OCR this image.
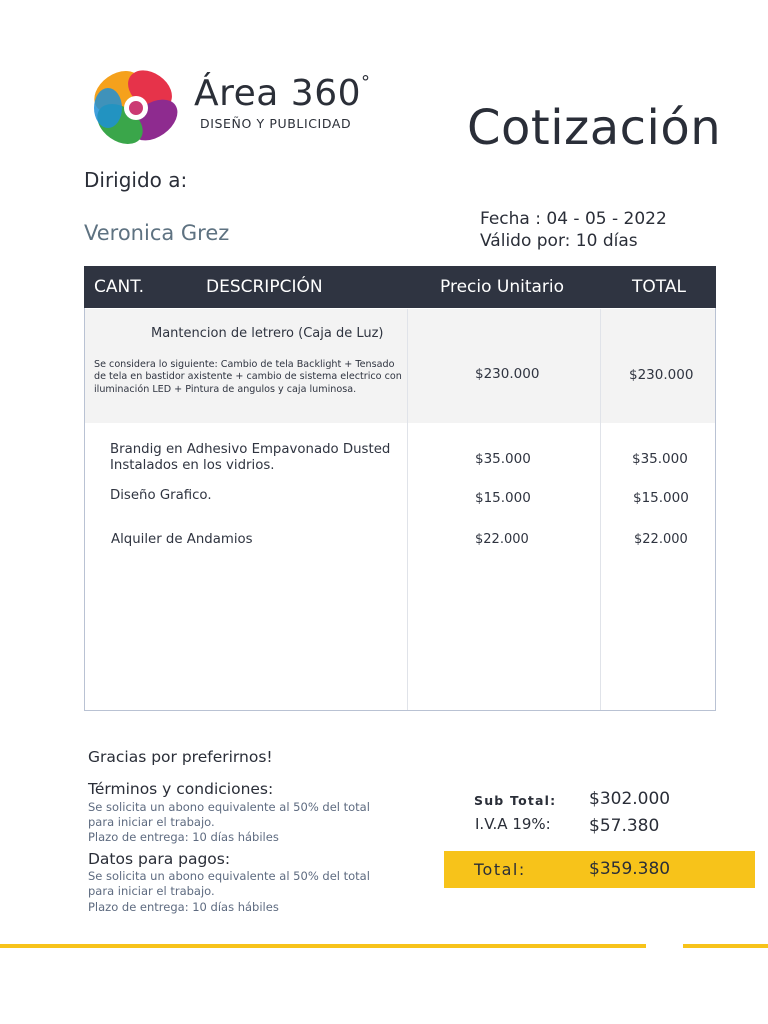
Área 360°
DISEÑO Y PUBLICIDAD Cotización
Dirigido a:
Veronica Grez
Fecha : 04 - 05 - 2022
Válido por: 10 días
CANT.	DESCRIPCIÓN	Precio Unitario	TOTAL
Mantencion de letrero (Caja de Luz)
Se considera lo siguiente: Cambio de tela Backlight + Tensado de tela en bastidor axistente + cambio de sistema electrico con iluminación LED + Pintura de angulos y caja luminosa.
$230.000	$230.000
Brandig en Adhesivo Empavonado Dusted Instalados en los vidrios.	$35.000	$35.000
Diseño Grafico.	$15.000	$15.000
Alquiler de Andamios	$22.000	$22.000
Gracias por preferirnos!
Términos y condiciones:
Se solicita un abono equivalente al 50% del total
para iniciar el trabajo.
Plazo de entrega: 10 días hábiles
Datos para pagos:
Se solicita un abono equivalente al 50% del total
para iniciar el trabajo.
Plazo de entrega: 10 días hábiles
Sub Total: $302.000
I.V.A 19%: $57.380
Total:	$359.380
